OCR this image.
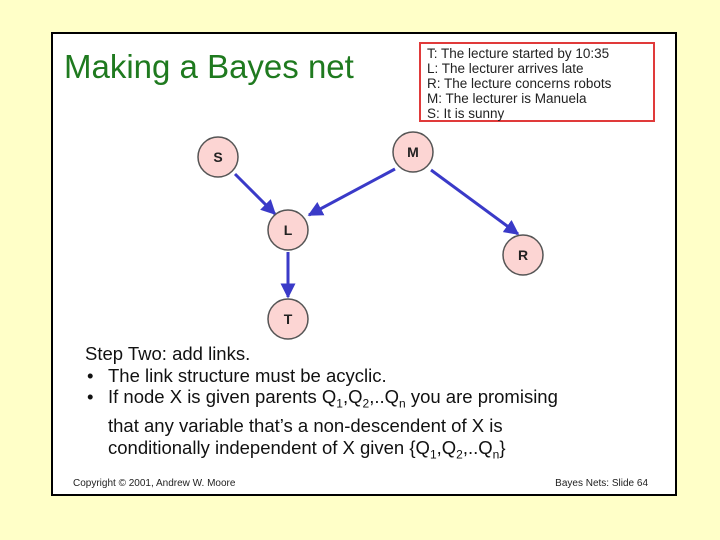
Making a Bayes net	T: The lecture started by 10:35
L: The lecturer arrives late
R: The lecture concerns robots
M: The lecturer is Manuela
S: It is sunny
S	M
L
R
T
Step Two: add links.
• The link structure must be acyclic.
• If node X is given parents $Q_1,Q_2,..Q_n$ you are promising
that any variable that’s a non-descendent of X is
conditionally independent of X given $\{Q_1,Q_2,..Q_n\}$
Copyright © 2001, Andrew W. Moore	Bayes Nets: Slide 64
